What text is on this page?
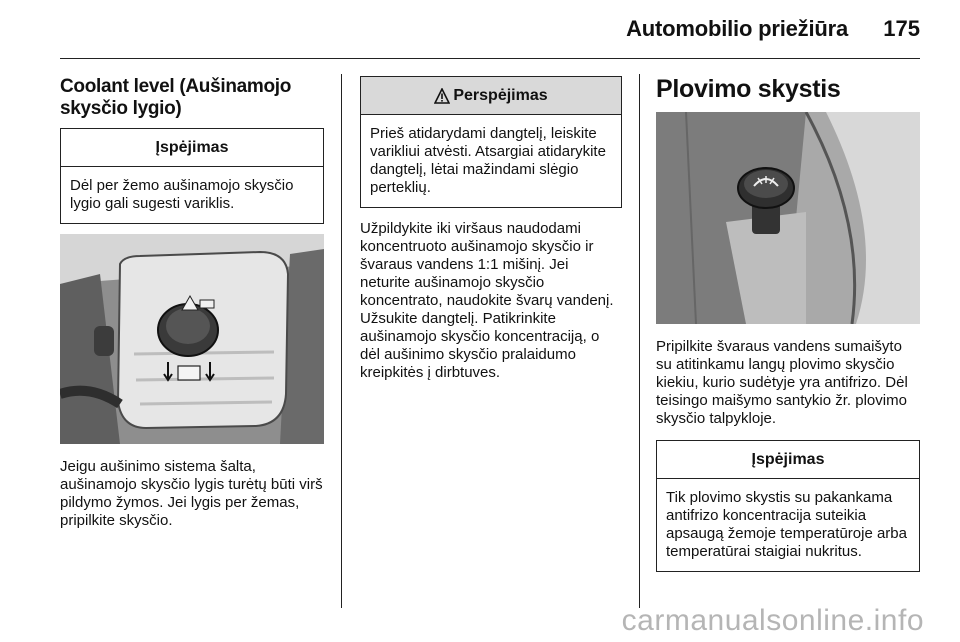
Automobilio priežiūra 175
Coolant level (Aušinamojo skysčio lygio)
Įspėjimas
Dėl per žemo aušinamojo skysčio lygio gali sugesti variklis.
Jeigu aušinimo sistema šalta, aušinamojo skysčio lygis turėtų būti virš pildymo žymos. Jei lygis per žemas, pripilkite skysčio.
Perspėjimas
Prieš atidarydami dangtelį, leiskite varikliui atvėsti. Atsargiai atidarykite dangtelį, lėtai mažindami slėgio perteklių.
Užpildykite iki viršaus naudodami koncentruoto aušinamojo skysčio ir švaraus vandens 1:1 mišinį. Jei neturite aušinamojo skysčio koncentrato, naudokite švarų vandenį. Užsukite dangtelį. Patikrinkite aušinamojo skysčio koncentraciją, o dėl aušinimo skysčio pralaidumo kreipkitės į dirbtuves.
Plovimo skystis
Pripilkite švaraus vandens sumaišyto su atitinkamu langų plovimo skysčio kiekiu, kurio sudėtyje yra antifrizo. Dėl teisingo maišymo santykio žr. plovimo skysčio talpykloje.
Įspėjimas
Tik plovimo skystis su pakankama antifrizo koncentracija suteikia apsaugą žemoje temperatūroje arba temperatūrai staigiai nukritus.
carmanualsonline.info
